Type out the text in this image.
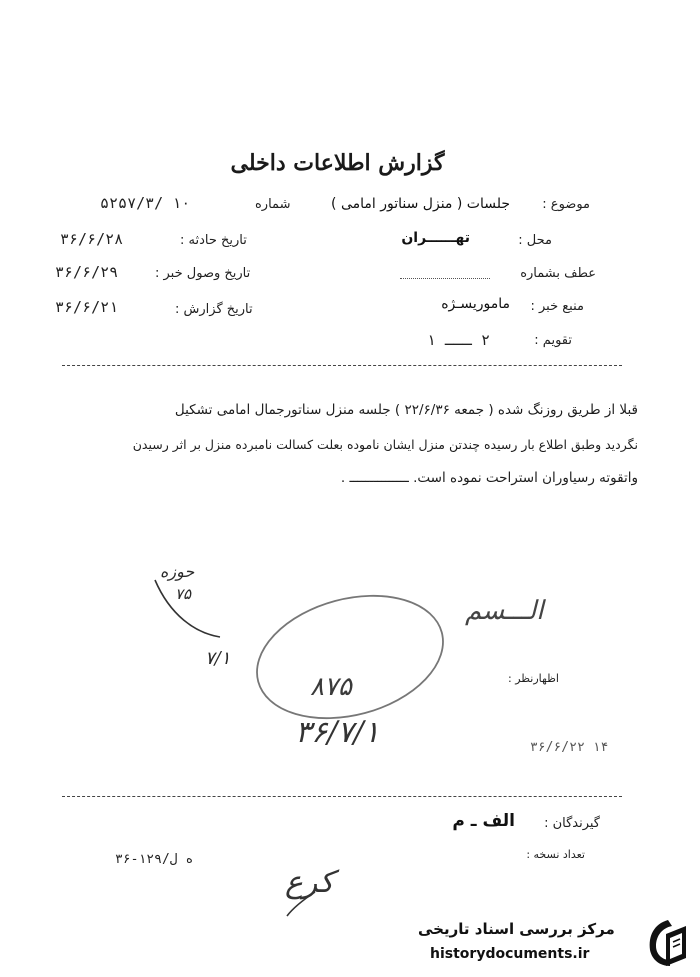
گزارش اطلاعات داخلی
موضوع :
جلسات ( منزل سناتور امامی )
محل :
تهــــــران
عطف بشماره
منبع خبر :
ماموریسـژه
تقویم :
۲ ـــ ۱
شماره
۵۲۵۷/۳/ ۱۰
تاریخ حادثه :
۳۶/۶/۲۸
تاریخ وصول خبر :
۳۶/۶/۲۹
تاریخ گزارش :
۳۶/۶/۲۱
قبلا از طریق روزنگ شده ( جمعه ۲۲/۶/۳۶ ) جلسه منزل سناتورجمال امامی تشکیل
نگردید وطبق اطلاع بار رسیده چندتن منزل ایشان ناموده بعلت کسالت نامبرده منزل بر اثر رسیدن
واتقوته رسیاوران استراحت نموده است. ـــــــــــــــ .
حوزه
۷۵
۷/۱
الـــسم
اظهارنظر :
۸۷۵
۳۶/۷/۱	۳۶/۶/۲۲ ۱۴
گیرندگان :
الف ـ م
تعداد نسخه :
۳۶-۱۲۹/ه ل
کرع
مرکز بررسی اسناد تاریخی
historydocuments.ir
